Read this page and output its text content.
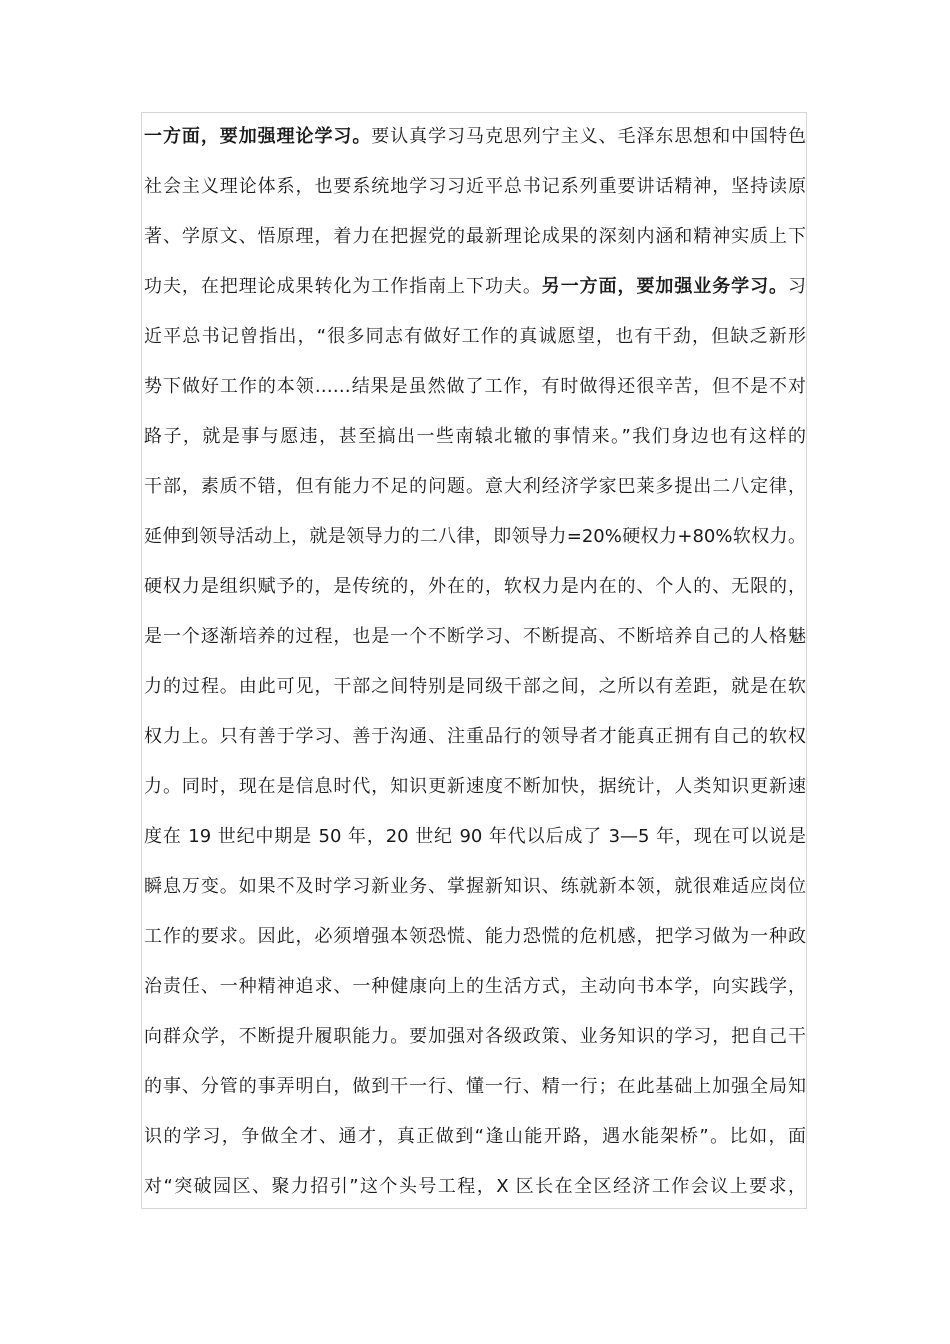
一方面，要加强理论学习。要认真学习马克思列宁主义、毛泽东思想和中国特色
社会主义理论体系，也要系统地学习习近平总书记系列重要讲话精神，坚持读原
著、学原文、悟原理，着力在把握党的最新理论成果的深刻内涵和精神实质上下
功夫，在把理论成果转化为工作指南上下功夫。另一方面，要加强业务学习。习
近平总书记曾指出，“很多同志有做好工作的真诚愿望，也有干劲，但缺乏新形
势下做好工作的本领……结果是虽然做了工作，有时做得还很辛苦，但不是不对
路子，就是事与愿违，甚至搞出一些南辕北辙的事情来。”我们身边也有这样的
干部，素质不错，但有能力不足的问题。意大利经济学家巴莱多提出二八定律，
延伸到领导活动上，就是领导力的二八律，即领导力=20%硬权力+80%软权力。
硬权力是组织赋予的，是传统的，外在的，软权力是内在的、个人的、无限的，
是一个逐渐培养的过程，也是一个不断学习、不断提高、不断培养自己的人格魅
力的过程。由此可见，干部之间特别是同级干部之间，之所以有差距，就是在软
权力上。只有善于学习、善于沟通、注重品行的领导者才能真正拥有自己的软权
力。同时，现在是信息时代，知识更新速度不断加快，据统计，人类知识更新速
度在 19 世纪中期是 50 年，20 世纪 90 年代以后成了 3—5 年，现在可以说是
瞬息万变。如果不及时学习新业务、掌握新知识、练就新本领，就很难适应岗位
工作的要求。因此，必须增强本领恐慌、能力恐慌的危机感，把学习做为一种政
治责任、一种精神追求、一种健康向上的生活方式，主动向书本学，向实践学，
向群众学，不断提升履职能力。要加强对各级政策、业务知识的学习，把自己干
的事、分管的事弄明白，做到干一行、懂一行、精一行；在此基础上加强全局知
识的学习，争做全才、通才，真正做到“逢山能开路，遇水能架桥”。比如，面
对“突破园区、聚力招引”这个头号工程，X 区长在全区经济工作会议上要求，
